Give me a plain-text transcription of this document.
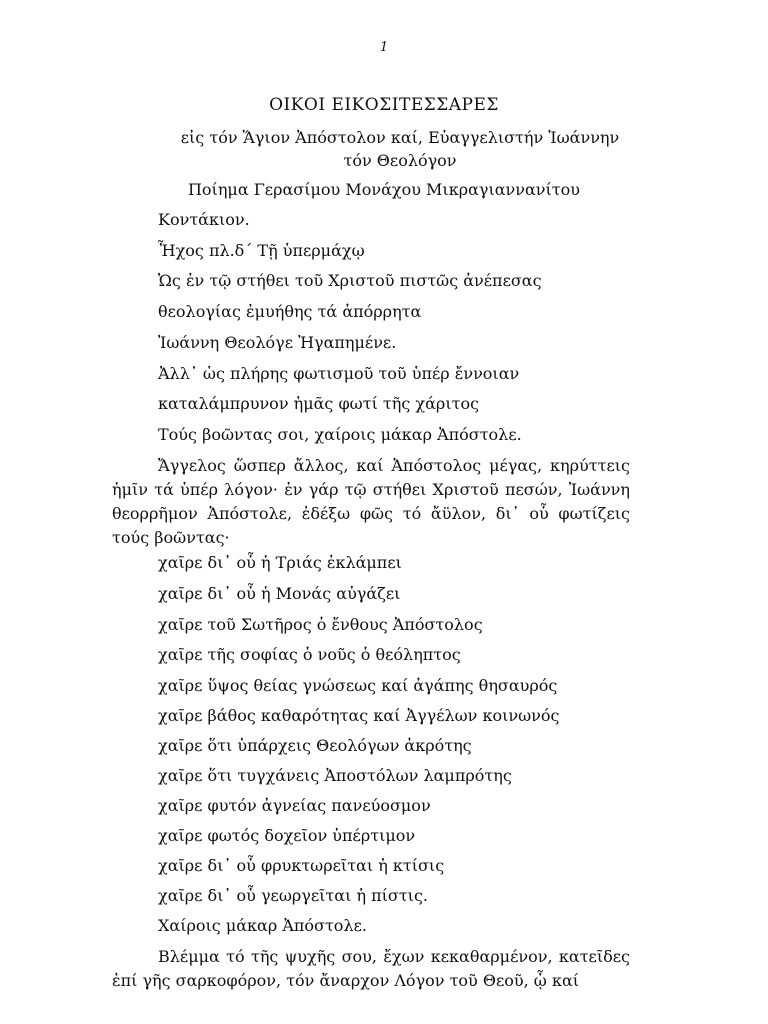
1
ΟΙΚΟΙ ΕΙΚΟΣΙΤΕΣΣΑΡΕΣ
εἰς τόν Ἅγιον Ἀπόστολον καί, Εὐαγγελιστήν Ἰωάννην
τόν Θεολόγον
Ποίημα Γερασίμου Μονάχου Μικραγιαννανίτου
Κοντάκιον.
Ἦχος πλ.δ΄ Τῇ ὑπερμάχῳ
Ὡς ἐν τῷ στήθει τοῦ Χριστοῦ πιστῶς ἀνέπεσας
θεολογίας ἐμυήθης τά ἀπόρρητα
Ἰωάννη Θεολόγε Ἠγαπημένε.
Ἀλλ᾽ ὡς πλήρης φωτισμοῦ τοῦ ὑπέρ ἔννοιαν
καταλάμπρυνον ἡμᾶς φωτί τῆς χάριτος
Τούς βοῶντας σοι, χαίροις μάκαρ Ἀπόστολε.
Ἄγγελος ὥσπερ ἄλλος, καί Ἀπόστολος μέγας, κηρύττεις ἡμῖν τά ὑπέρ λόγον· ἐν γάρ τῷ στήθει Χριστοῦ πεσών, Ἰωάννη θεορρῆμον Ἀπόστολε, ἐδέξω φῶς τό ἄϋλον, δι᾽ οὗ φωτίζεις τούς βοῶντας·
χαῖρε δι᾽ οὗ ἡ Τριάς ἐκλάμπει
χαῖρε δι᾽ οὗ ἡ Μονάς αὐγάζει
χαῖρε τοῦ Σωτῆρος ὁ ἔνθους Ἀπόστολος
χαῖρε τῆς σοφίας ὁ νοῦς ὁ θεόληπτος
χαῖρε ὕψος θείας γνώσεως καί ἀγάπης θησαυρός
χαῖρε βάθος καθαρότητας καί Ἀγγέλων κοινωνός
χαῖρε ὅτι ὑπάρχεις Θεολόγων ἀκρότης
χαῖρε ὅτι τυγχάνεις Ἀποστόλων λαμπρότης
χαῖρε φυτόν ἁγνείας πανεύοσμον
χαῖρε φωτός δοχεῖον ὑπέρτιμον
χαῖρε δι᾽ οὗ φρυκτωρεῖται ἡ κτίσις
χαῖρε δι᾽ οὗ γεωργεῖται ἡ πίστις.
Χαίροις μάκαρ Ἀπόστολε.
Βλέμμα τό τῆς ψυχῆς σου, ἔχων κεκαθαρμένον, κατεῖδες ἐπί γῆς σαρκοφόρον, τόν ἄναρχον Λόγον τοῦ Θεοῦ, ᾧ καί
